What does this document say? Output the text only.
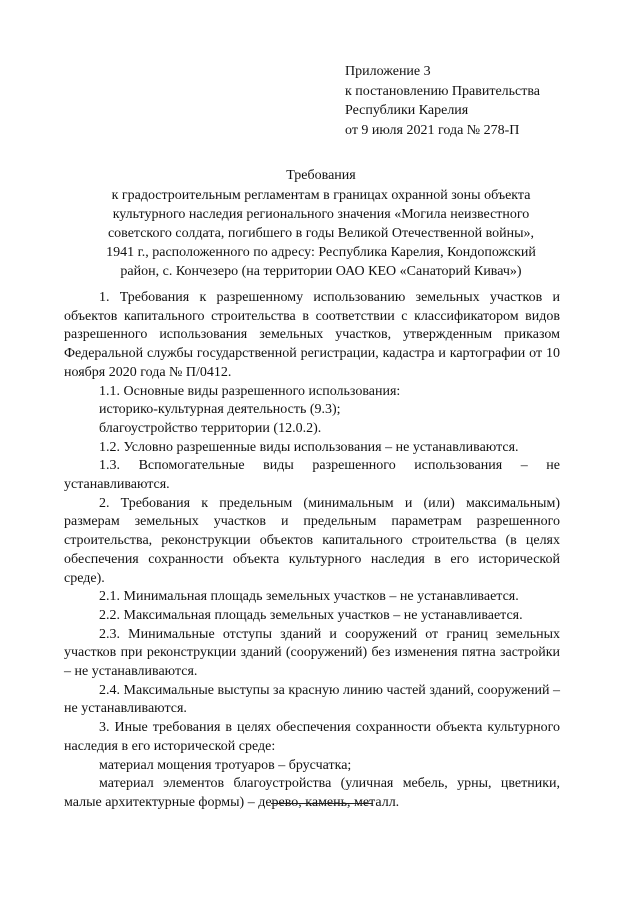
Приложение 3
к постановлению Правительства
Республики Карелия
от 9 июля 2021 года № 278-П
Требования
к градостроительным регламентам в границах охранной зоны объекта
культурного наследия регионального значения «Могила неизвестного
советского солдата, погибшего в годы Великой Отечественной войны»,
1941 г., расположенного по адресу: Республика Карелия, Кондопожский
район, с. Кончезеро (на территории ОАО КЕО «Санаторий Кивач»)

1. Требования к разрешенному использованию земельных участков и объектов капитального строительства в соответствии с классификатором видов разрешенного использования земельных участков, утвержденным приказом Федеральной службы государственной регистрации, кадастра и картографии от 10 ноября 2020 года № П/0412.

1.1. Основные виды разрешенного использования:

историко-культурная деятельность (9.3);

благоустройство территории (12.0.2).

1.2. Условно разрешенные виды использования – не устанавливаются.

1.3. Вспомогательные виды разрешенного использования – не устанавливаются.

2. Требования к предельным (минимальным и (или) максимальным) размерам земельных участков и предельным параметрам разрешенного строительства, реконструкции объектов капитального строительства (в целях обеспечения сохранности объекта культурного наследия в его исторической среде).

2.1. Минимальная площадь земельных участков – не устанавливается.

2.2. Максимальная площадь земельных участков – не устанавливается.

2.3. Минимальные отступы зданий и сооружений от границ земельных участков при реконструкции зданий (сооружений) без изменения пятна застройки – не устанавливаются.

2.4. Максимальные выступы за красную линию частей зданий, сооружений – не устанавливаются.

3. Иные требования в целях обеспечения сохранности объекта культурного наследия в его исторической среде:

материал мощения тротуаров – брусчатка;

материал элементов благоустройства (уличная мебель, урны, цветники, малые архитектурные формы) – дерево, камень, металл.
